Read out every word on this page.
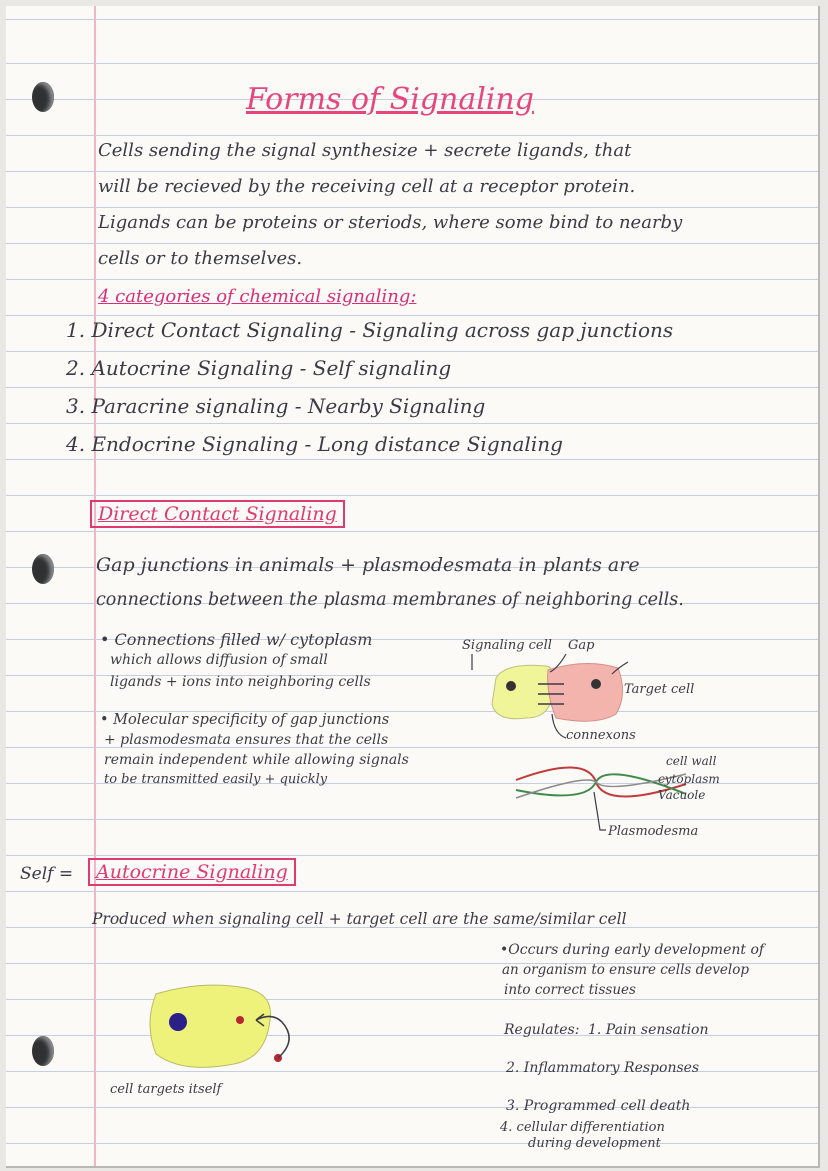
Forms of Signaling
Cells sending the signal synthesize + secrete ligands, that
will be recieved by the receiving cell at a receptor protein.
Ligands can be proteins or steriods, where some bind to nearby
cells or to themselves.
4 categories of chemical signaling:
1. Direct Contact Signaling - Signaling across gap junctions
2. Autocrine Signaling - Self signaling
3. Paracrine signaling - Nearby Signaling
4. Endocrine Signaling - Long distance Signaling
Direct Contact Signaling
Gap junctions in animals + plasmodesmata in plants are
connections between the plasma membranes of neighboring cells.
• Connections filled w/ cytoplasm
which allows diffusion of small
ligands + ions into neighboring cells
• Molecular specificity of gap junctions
+ plasmodesmata ensures that the cells
remain independent while allowing signals
to be transmitted easily + quickly
Signaling cell Gap
Target cell
connexons
cell wall
cytoplasm
Vacuole
Plasmodesma
Self =	Autocrine Signaling
Produced when signaling cell + target cell are the same/similar cell
•Occurs during early development of
an organism to ensure cells develop
into correct tissues
Regulates: 1. Pain sensation
2. Inflammatory Responses
3. Programmed cell death
4. cellular differentiation
during development
cell targets itself
